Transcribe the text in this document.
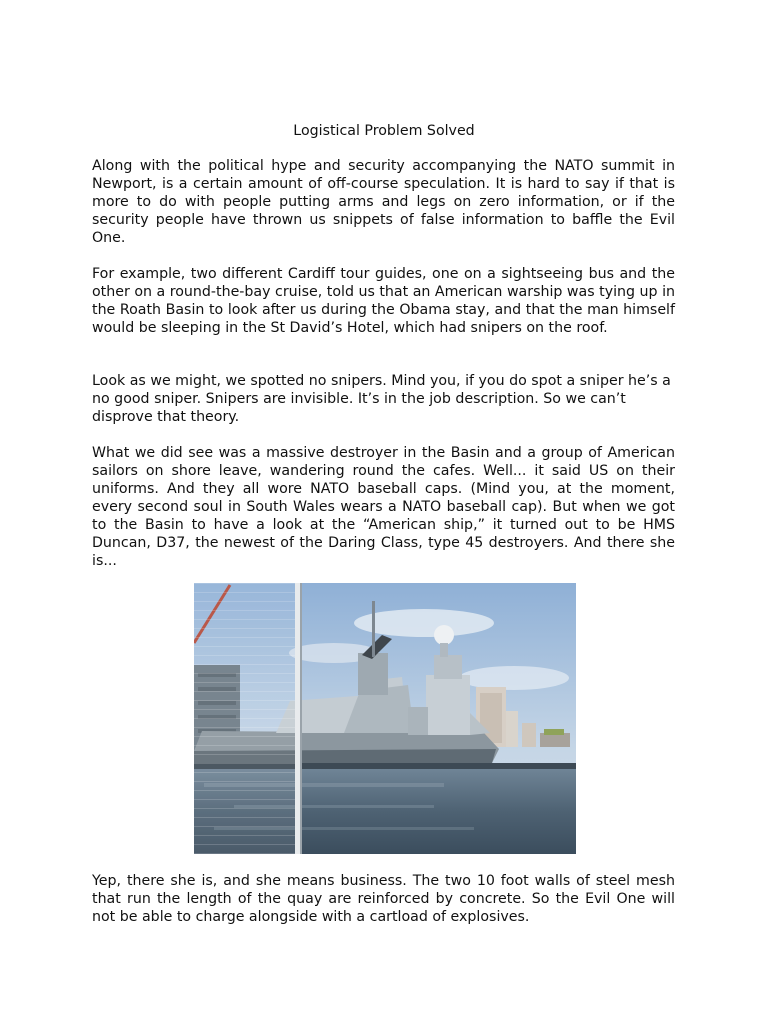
Logistical Problem Solved

Along with the political hype and security accompanying the NATO summit in Newport, is a certain amount of off-course speculation. It is hard to say if that is more to do with people putting arms and legs on zero information, or if the security people have thrown us snippets of false information to baffle the Evil One.

For example, two different Cardiff tour guides, one on a sightseeing bus and the other on a round-the-bay cruise, told us that an American warship was tying up in the Roath Basin to look after us during the Obama stay, and that the man himself would be sleeping in the St David’s Hotel, which had snipers on the roof.

Look as we might, we spotted no snipers. Mind you, if you do spot a sniper he’s a no good sniper. Snipers are invisible. It’s in the job description. So we can’t disprove that theory.

What we did see was a massive destroyer in the Basin and a group of American sailors on shore leave, wandering round the cafes. Well... it said US on their uniforms. And they all wore NATO baseball caps. (Mind you, at the moment, every second soul in South Wales wears a NATO baseball cap). But when we got to the Basin to have a look at the “American ship,” it turned out to be HMS Duncan, D37, the newest of the Daring Class, type 45 destroyers. And there she is...

Yep, there she is, and she means business. The two 10 foot walls of steel mesh that run the length of the quay are reinforced by concrete. So the Evil One will not be able to charge alongside with a cartload of explosives.
